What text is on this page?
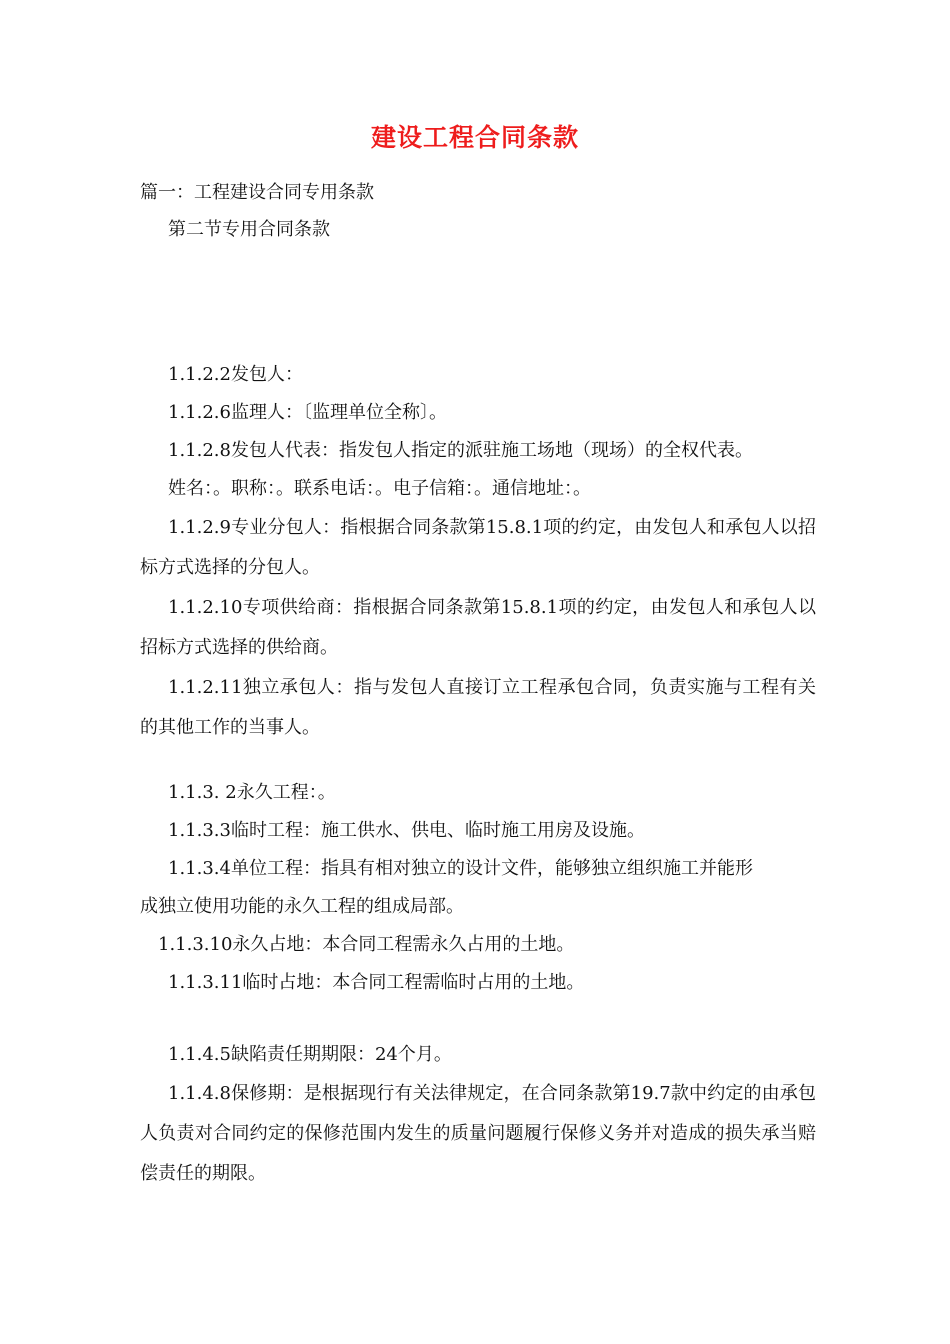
建设工程合同条款
篇一：工程建设合同专用条款
第二节专用合同条款
1.1.2.2发包人：
1.1.2.6监理人：〔监理单位全称〕。
1.1.2.8发包人代表：指发包人指定的派驻施工场地（现场）的全权代表。
姓名：。职称：。联系电话：。电子信箱：。通信地址：。
1.1.2.9专业分包人：指根据合同条款第15.8.1项的约定，由发包人和承包人以招标方式选择的分包人。
1.1.2.10专项供给商：指根据合同条款第15.8.1项的约定，由发包人和承包人以招标方式选择的供给商。
1.1.2.11独立承包人：指与发包人直接订立工程承包合同，负责实施与工程有关的其他工作的当事人。
1.1.3. 2永久工程：。
1.1.3.3临时工程：施工供水、供电、临时施工用房及设施。
1.1.3.4单位工程：指具有相对独立的设计文件，能够独立组织施工并能形
成独立使用功能的永久工程的组成局部。
1.1.3.10永久占地：本合同工程需永久占用的土地。
1.1.3.11临时占地：本合同工程需临时占用的土地。
1.1.4.5缺陷责任期期限：24个月。
1.1.4.8保修期：是根据现行有关法律规定，在合同条款第19.7款中约定的由承包人负责对合同约定的保修范围内发生的质量问题履行保修义务并对造成的损失承当赔偿责任的期限。
